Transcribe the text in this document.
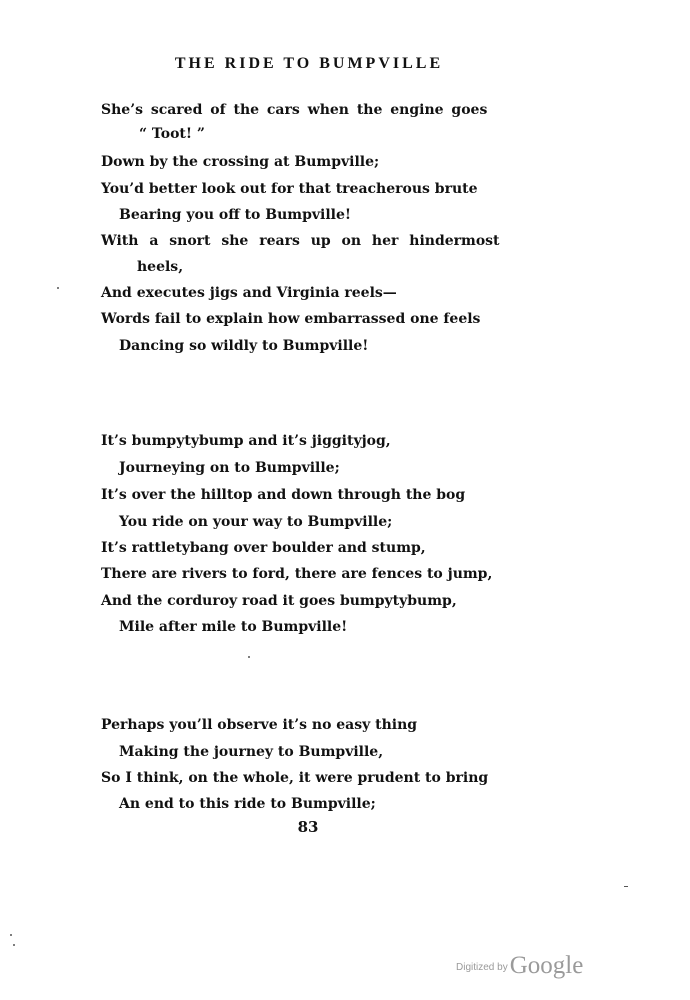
THE RIDE TO BUMPVILLE
She’s scared of the cars when the engine goes
“ Toot! ”
Down by the crossing at Bumpville;
You’d better look out for that treacherous brute
Bearing you off to Bumpville!
With a snort she rears up on her hindermost
heels,
And executes jigs and Virginia reels—
Words fail to explain how embarrassed one feels
Dancing so wildly to Bumpville!
It’s bumpytybump and it’s jiggityjog,
Journeying on to Bumpville;
It’s over the hilltop and down through the bog
You ride on your way to Bumpville;
It’s rattletybang over boulder and stump,
There are rivers to ford, there are fences to jump,
And the corduroy road it goes bumpytybump,
Mile after mile to Bumpville!
Perhaps you’ll observe it’s no easy thing
Making the journey to Bumpville,
So I think, on the whole, it were prudent to bring
An end to this ride to Bumpville;
83
Digitized byGoogle
